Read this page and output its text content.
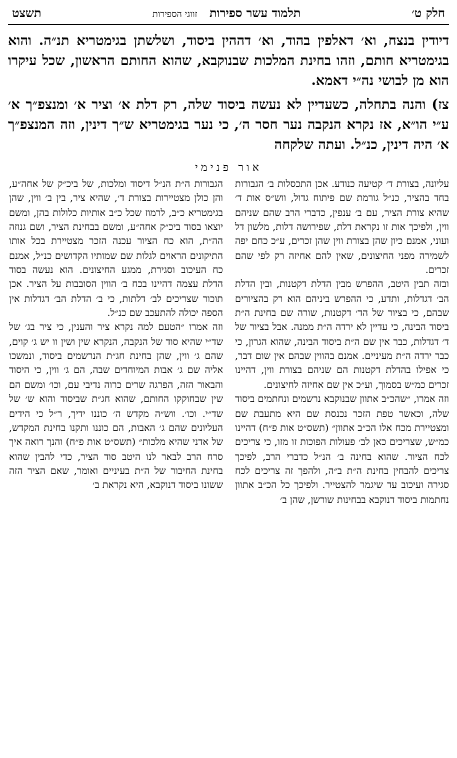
חלק ט׳
תלמוד עשר ספירות זווגי הספירות
תשצט

דיודין בנצח, וא׳ דאלפין בהוד, וא׳ דההין ביסוד, ושלשתן בגימטריא תנ״ה. והוא בגימטריא חותם, וזהו בחינת המלכות שבנוקבא, שהוא החותם הראשון, שכל עיקרו הוא מן לבושי נה״י דאמא.

צז) והנה בתחלה, כשעדיין לא נעשה ביסוד שלה, רק דלת א׳ וציר א׳ ומנצפ״ך א׳ ע״י הו״א, אז נקרא הנקבה נער חסר ה׳, כי נער בגימטריא ש״ך דינין, וזה המנצפ״ך א׳ היה דינין, כנ״ל. ועתה שלקחה

אור פנימי

עליונה, בצורת ד׳ קטיעה כנודע. אכן התכסלות ב׳ הגבורות בחד בהציר, כנ״ל גורמת שם פיתוח גדול, ווש״ס אות ד׳ שהיא צורת הציר, עם ב׳ ענפין, כדברי הרב שהם שניהם ווין, ולפיכך אות זו נקראת דלת, שפירושה דלות, מלשון דל ועוני, אמנם כיון שהן בצורת ווין שהן זכרים, ע״כ כחם יפה לשמירה מפני החיצונים, שאין להם אחיזה רק לפי שהם זכרים.

ובזה תבין היטב, ההפרש מבין הדלת דקטנות, ובין הדלת הב׳ דגדלות, ותדע, כי ההפרש ביניהם הוא רק בהציורים שבהם, כי בציור של הד׳ דקטנות, שורה שם בחינת ה״ת ביסוד הבינה, כי עדיין לא ירדה ה״ת ממנה. אבל בציור של ד׳ דגדלות, כבר אין שם ה״ת ביסוד הבינה, שהוא הגרון, כי כבר ירדה ה״ת מעיניים. אמנם בהווין שבהם אין שום דבר, כי אפילו בהדלת דקטנות הם שניהם בצורת ווין, דהיינו זכרים כמ״ש בסמוך, וע״כ אין שם אחיזה לחיצונים.

וזה אמרו, ״שהכ״ב אתוון שבנוקבא נרשמים ונחתמים ביסוד שלה, וכאשר טפת הזכר נכנסת שם היא מתעבת שם ומצטיירת מכח אלו הכ״ב אתוון״ (תשס״ט אות פ״ח) דהיינו כמ״ש, שצריכים כאן לב׳ פעולות הפוכות זו מזו, כי צריכים לכח הציור. שהוא בחינה ב׳ הנ״ל כדברי הרב, לפיכך צריכים להבחין בחינת ה״ת ב״ה, ולהפך זה צריכים לכח סגירה ועיכוב עד שיגמר להצטייר. ולפיכך כל הכ״ב אתוון נחתמות ביסוד דנוקבא בבחינות שורשן, שהן ב׳

הגבורות ה״ת הנ״ל דיסוד ומלכות, של ביכ״ק של אחה״ע, והן כולן מצטיירות בצורת ד׳, שהיא ציר, בין ב׳ ווין, שהן בגימטריא כ״ב, לרמוז שכל כ״ב אותיות כלולות בהן, ומשם יוצאו בסוד ביכ״ק אחה״ע, ומשם בבחינת הציר, ושם גנוזה הה״ת, הוא כח הציור עכנה הזכר מצטיירת בכל אותו התיקונים הראוים לגלות שם שמותיו הקדושים כנ״ל, אמנם כח העיכוב וסגירת, ממגע החיצונים. הוא נעשה בסוד הדלת עצמה דהיינו בכח ב׳ הווין הסובבות על הציר. אכן תוכור שצריכים לב׳ דלתות, כי ב׳ הדלת הב׳ דגדלות אין הספה יכולה להתעכב שם כנ״ל.

וזה אמרו ״הטעם למה נקרא ציר והענין, כי ציר בג׳ של שד״י שהיא סוד של הנקבה, הנקרא שין ושין וו יש ג׳ קוים, שהם ג׳ ווין, שהן בחינת חג״ת הנרשמים ביסוד, ונמשכו אליה שם ג׳ אבות המיוחדים שבה, הם ג׳ ווין, כי היסוד והבאור הזה, הפרגה שרים כרוה נדיבי עם, וכו׳ ומשם הם שין שבחוקקו החותם, שהוא חג״ת שביסוד והוא ש׳ של שד״י. וכו׳. ווש״ה מקדש ה׳ כוננו ידיך, ר״ל כי הידים העליונים שהם ג׳ האבות, הם כוננו ותקנו בחינת המקדש, של אדני שהיא מלכות״ (תשס״ט אות פ״ח) והנך רואה איך סרח הרב לבאר לנו היטב סוד הציר, כדי להבין שהוא בחינת החיבור של ה״ת בעיניים ואומר, שאם הציר הזה ששונו ביסוד דנוקבא, היא נקראת ב׳
